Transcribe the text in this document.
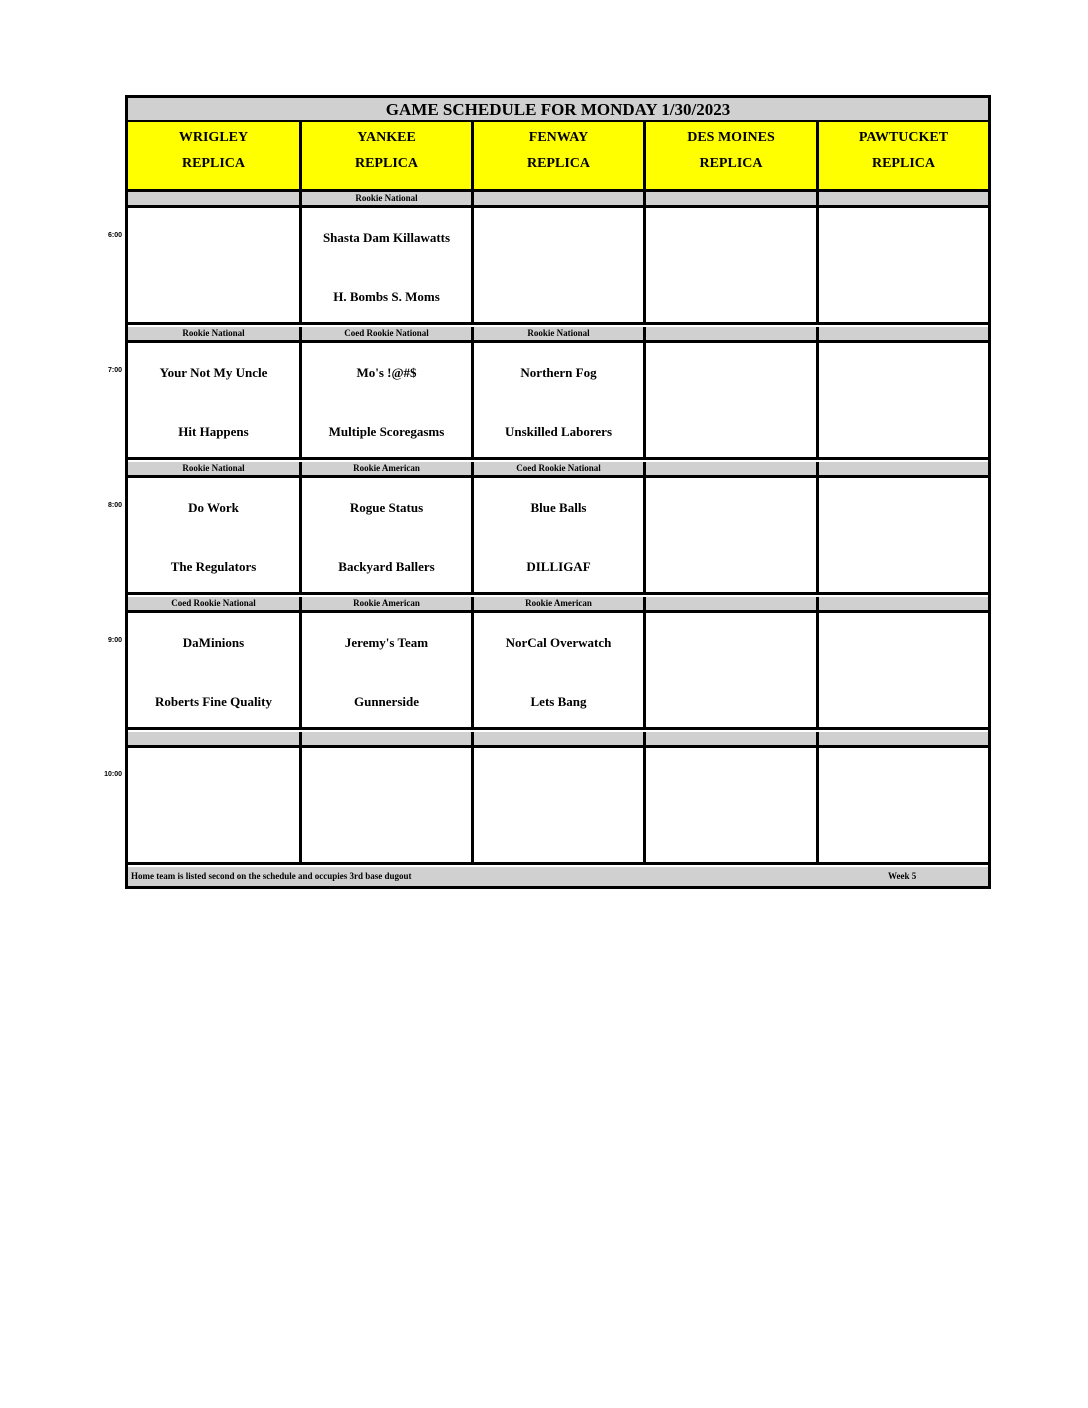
GAME SCHEDULE FOR MONDAY 1/30/2023
Home team is listed second on the schedule and occupies 3rd base dugout	Week 5
WRIGLEY
REPLICA
YANKEE
REPLICA
FENWAY
REPLICA
DES MOINES
REPLICA
PAWTUCKET
REPLICA
Rookie National
Shasta Dam Killawatts
H. Bombs S. Moms
Rookie National
Your Not My Uncle
Hit Happens
Coed Rookie National
Mo's !@#$
Multiple Scoregasms
Rookie National
Northern Fog
Unskilled Laborers
Rookie National
Do Work
The Regulators
Rookie American
Rogue Status
Backyard Ballers
Coed Rookie National
Blue Balls
DILLIGAF
Coed Rookie National
DaMinions
Roberts Fine Quality
Rookie American
Jeremy's Team
Gunnerside
Rookie American
NorCal Overwatch
Lets Bang
6:00
7:00
8:00
9:00
10:00
